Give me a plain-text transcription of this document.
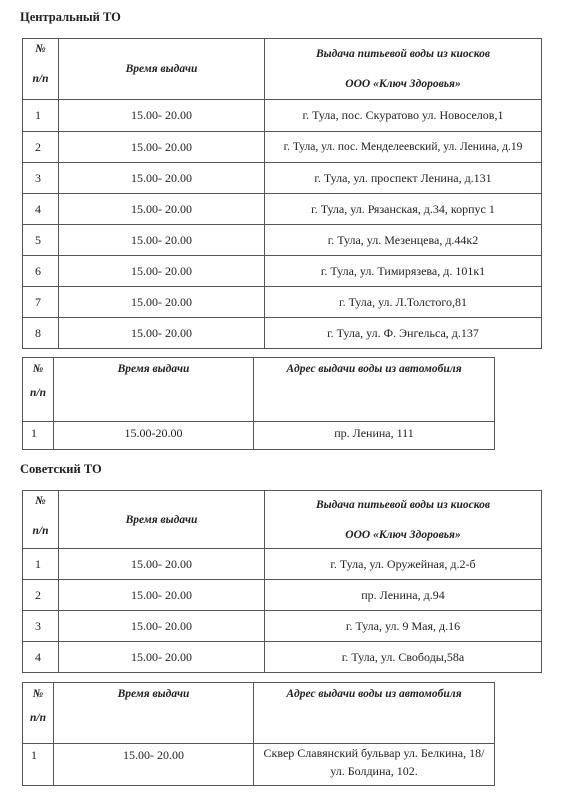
Центральный ТО
№
п/п	Время выдачи	Выдача питьевой воды из киосков
ООО «Ключ Здоровья»

1	15.00- 20.00	г. Тула, пос. Скуратово ул. Новоселов,1
2	15.00- 20.00	г. Тула, ул. пос. Менделеевский, ул. Ленина, д.19
3	15.00- 20.00	г. Тула, ул. проспект Ленина, д.131
4	15.00- 20.00	г. Тула, ул. Рязанская, д.34, корпус 1
5	15.00- 20.00	г. Тула, ул. Мезенцева, д.44к2
6	15.00- 20.00	г. Тула, ул. Тимирязева, д. 101к1
7	15.00- 20.00	г. Тула, ул. Л.Толстого,81
8	15.00- 20.00	г. Тула, ул. Ф. Энгельса, д.137
№
п/п	Время выдачи	Адрес выдачи воды из автомобиля
1	15.00-20.00	пр. Ленина, 111
Советский ТО
№
п/п	Время выдачи	Выдача питьевой воды из киосков
ООО «Ключ Здоровья»

1	15.00- 20.00	г. Тула, ул. Оружейная, д.2-б
2	15.00- 20.00	пр. Ленина, д.94
3	15.00- 20.00	г. Тула, ул. 9 Мая, д.16
4	15.00- 20.00	г. Тула, ул. Свободы,58а
№
п/п	Время выдачи	Адрес выдачи воды из автомобиля
1	15.00- 20.00	Сквер Славянский бульвар ул. Белкина, 18/
ул. Болдина, 102.
